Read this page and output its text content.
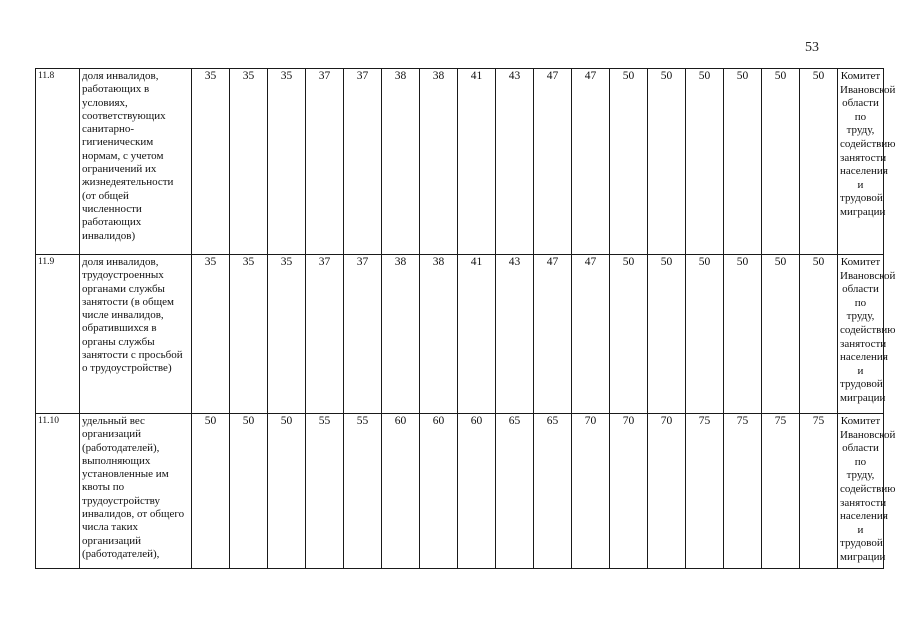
53
11.8	доля инвалидов, работающих в условиях, соответствующих санитарно-гигиеническим нормам, с учетом ограничений их жизнедеятельности (от общей численности работающих инвалидов)	35	35	35	37	37	38	38	41	43	47	47	50	50	50	50	50	50	Комитет Ивановской области по труду, содействию занятости населения и трудовой миграции
11.9	доля инвалидов, трудоустроенных органами службы занятости (в общем числе инвалидов, обратившихся в органы службы занятости с просьбой о трудоустройстве)	35	35	35	37	37	38	38	41	43	47	47	50	50	50	50	50	50	Комитет Ивановской области по труду, содействию занятости населения и трудовой миграции
11.10	удельный вес организаций (работодателей), выполняющих установленные им квоты по трудоустройству инвалидов, от общего числа таких организаций (работодателей),	50	50	50	55	55	60	60	60	65	65	70	70	70	75	75	75	75	Комитет Ивановской области по труду, содействию занятости населения и трудовой миграции
